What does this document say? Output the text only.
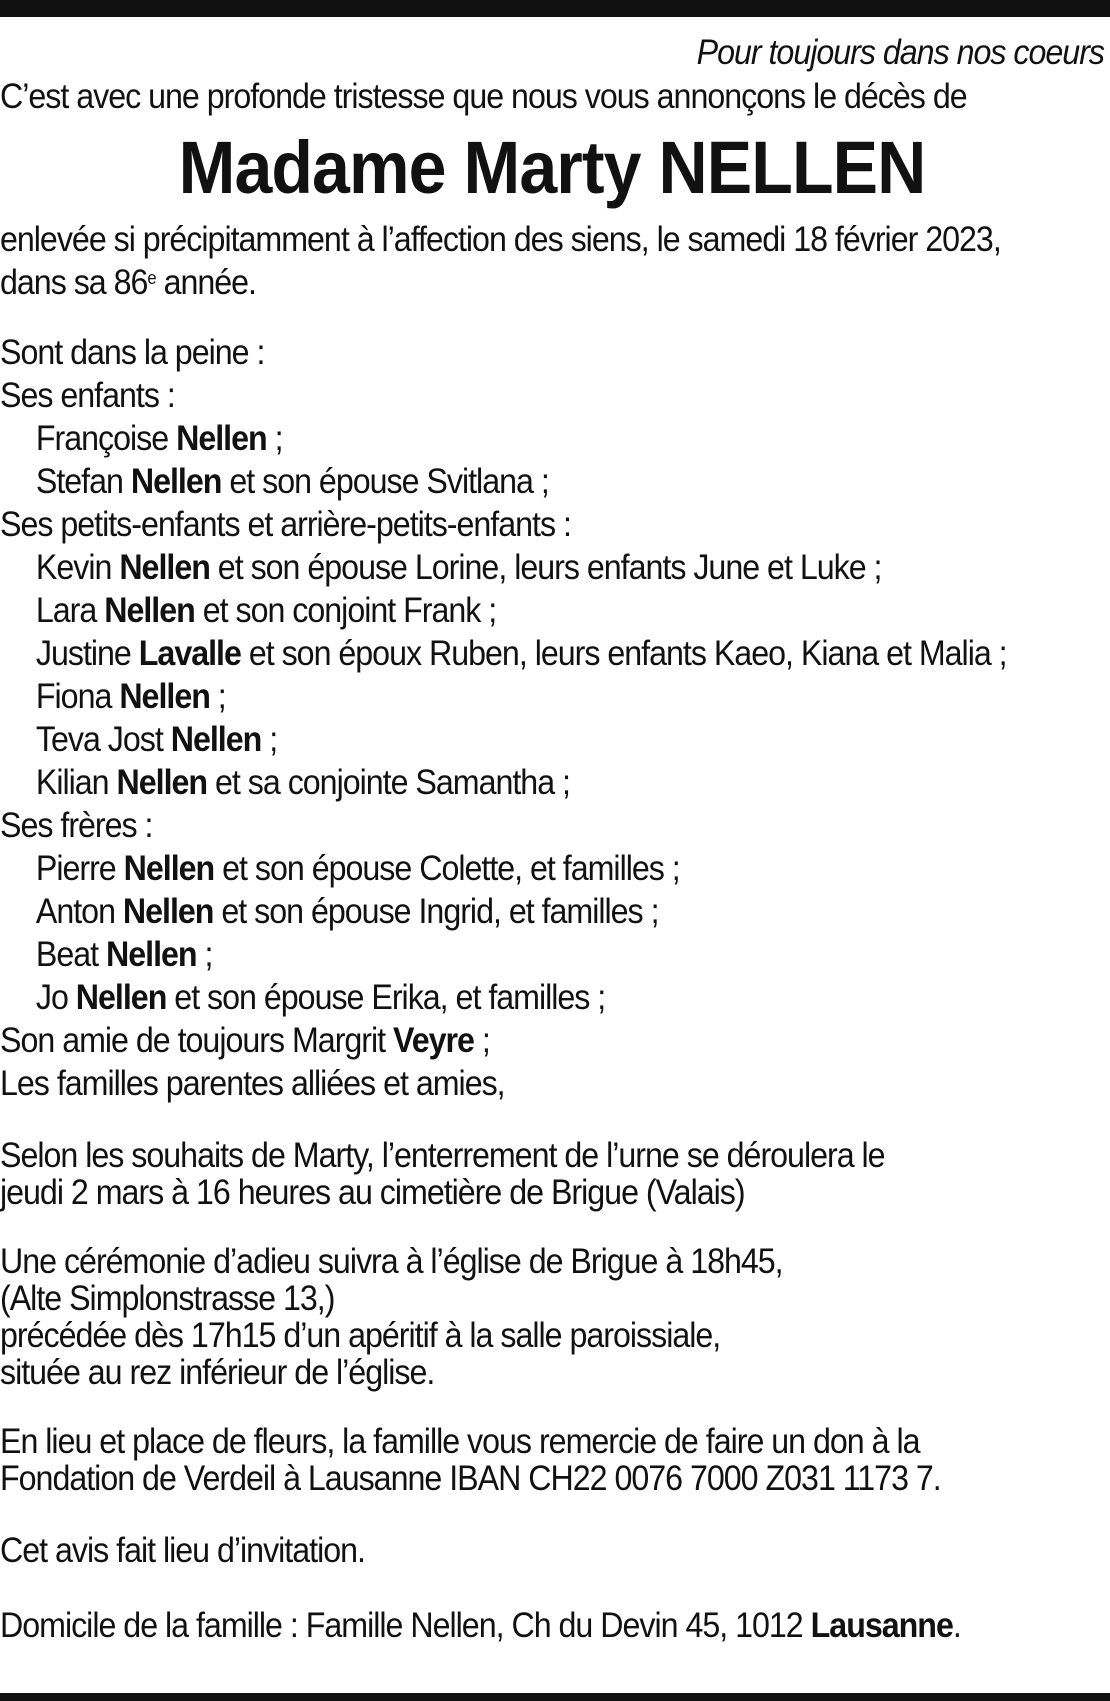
Pour toujours dans nos coeurs
C’est avec une profonde tristesse que nous vous annonçons le décès de
Madame Marty NELLEN
enlevée si précipitamment à l’affection des siens, le samedi 18 février 2023,
dans sa 86e année.
Sont dans la peine :
Ses enfants :
Françoise Nellen ;
Stefan Nellen et son épouse Svitlana ;
Ses petits-enfants et arrière-petits-enfants :
Kevin Nellen et son épouse Lorine, leurs enfants June et Luke ;
Lara Nellen et son conjoint Frank ;
Justine Lavalle et son époux Ruben, leurs enfants Kaeo, Kiana et Malia ;
Fiona Nellen ;
Teva Jost Nellen ;
Kilian Nellen et sa conjointe Samantha ;
Ses frères :
Pierre Nellen et son épouse Colette, et familles ;
Anton Nellen et son épouse Ingrid, et familles ;
Beat Nellen ;
Jo Nellen et son épouse Erika, et familles ;
Son amie de toujours Margrit Veyre ;
Les familles parentes alliées et amies,
Selon les souhaits de Marty, l’enterrement de l’urne se déroulera le
jeudi 2 mars à 16 heures au cimetière de Brigue (Valais)
Une cérémonie d’adieu suivra à l’église de Brigue à 18h45,
(Alte Simplonstrasse 13,)
précédée dès 17h15 d’un apéritif à la salle paroissiale,
située au rez inférieur de l’église.
En lieu et place de fleurs, la famille vous remercie de faire un don à la
Fondation de Verdeil à Lausanne IBAN CH22 0076 7000 Z031 1173 7.
Cet avis fait lieu d’invitation.
Domicile de la famille : Famille Nellen, Ch du Devin 45, 1012 Lausanne.
